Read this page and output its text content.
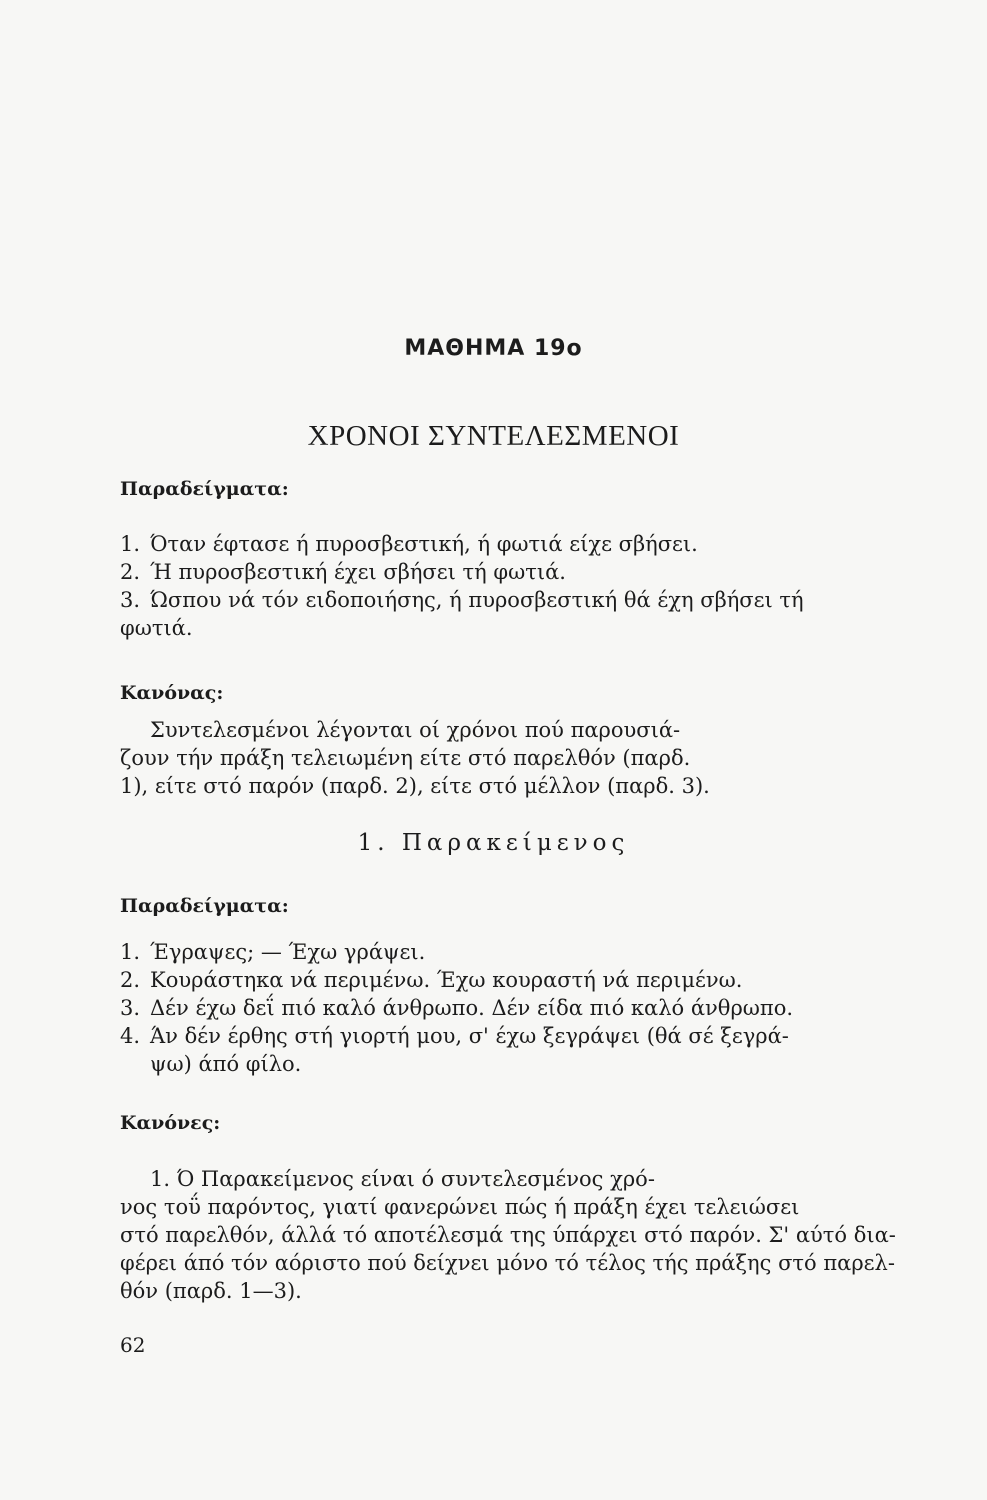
ΜΑΘΗΜΑ 19ο
ΧΡΟΝΟΙ ΣΥΝΤΕΛΕΣΜΕΝΟΙ
Παραδείγματα:
1. Όταν έφτασε ή πυροσβεστική, ή φωτιά είχε σβήσει.
2. Ή πυροσβεστική έχει σβήσει τή φωτιά.
3. Ώσπου νά τόν ειδοποιήσης, ή πυροσβεστική θά έχη σβήσει τή
φωτιά.
Κανόνας:
Συντελεσμένοι λέγονται οί χρόνοι πού παρουσιά-
ζουν τήν πράξη τελειωμένη είτε στό παρελθόν (παρδ.
1), είτε στό παρόν (παρδ. 2), είτε στό μέλλον (παρδ. 3).
1. Παρακείμενος
Παραδείγματα:
1. Έγραψες; — Έχω γράψει.
2. Κουράστηκα νά περιμένω. Έχω κουραστή νά περιμένω.
3. Δέν έχω δεΐ πιό καλό άνθρωπο. Δέν είδα πιό καλό άνθρωπο.
4. Άν δέν έρθης στή γιορτή μου, σ' έχω ξεγράψει (θά σέ ξεγρά-
ψω) άπό φίλο.
Κανόνες:
1. Ό Παρακείμενος είναι ό συντελεσμένος χρό-
νος τοΰ παρόντος, γιατί φανερώνει πώς ή πράξη έχει τελειώσει
στό παρελθόν, άλλά τό αποτέλεσμά της ύπάρχει στό παρόν. Σ' αύτό δια-
φέρει άπό τόν αόριστο πού δείχνει μόνο τό τέλος τής πράξης στό παρελ-
θόν (παρδ. 1—3).
62
